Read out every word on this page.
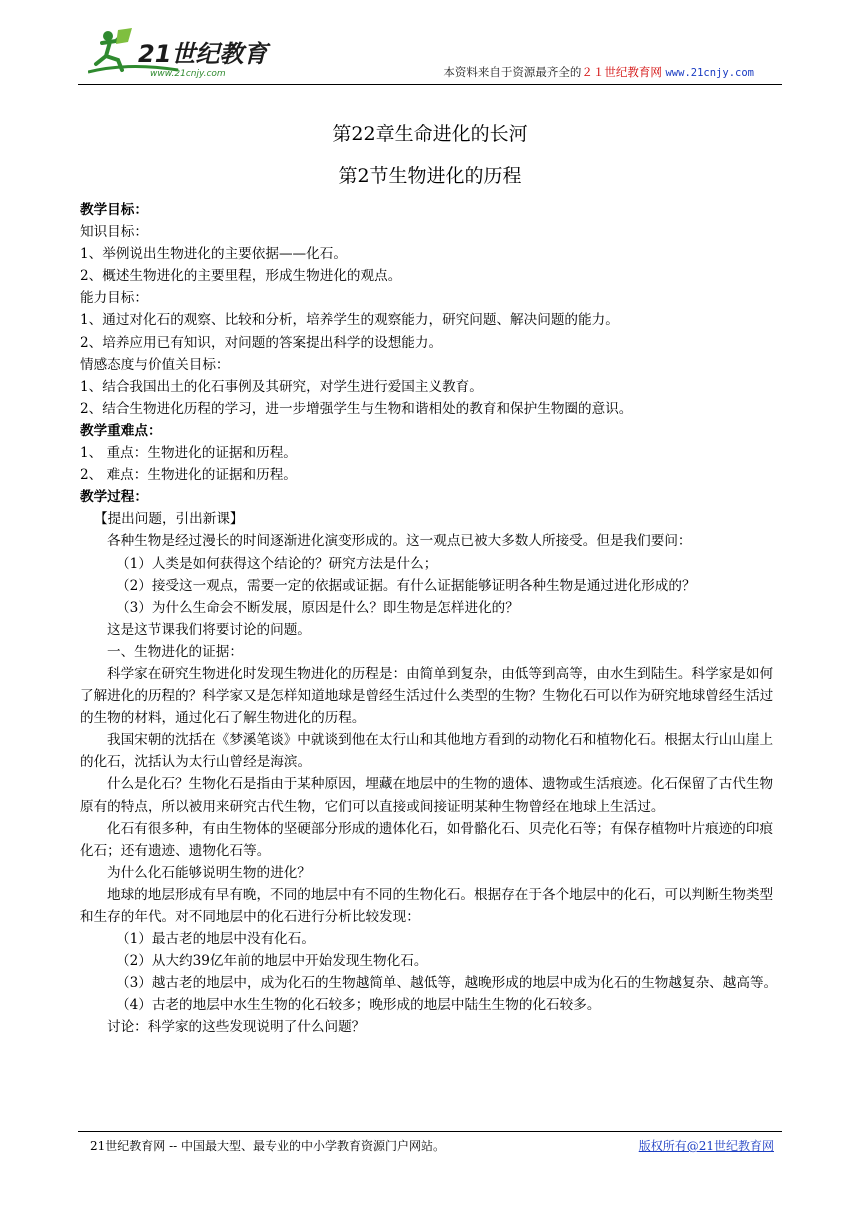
21世纪教育
www.21cnjy.com	本资料来自于资源最齐全的２１世纪教育网 www.21cnjy.com
第22章生命进化的长河
第2节生物进化的历程

教学目标：

知识目标：

1、举例说出生物进化的主要依据——化石。

2、概述生物进化的主要里程，形成生物进化的观点。

能力目标：

1、通过对化石的观察、比较和分析，培养学生的观察能力，研究问题、解决问题的能力。

2、培养应用已有知识，对问题的答案提出科学的设想能力。

情感态度与价值关目标：

1、结合我国出土的化石事例及其研究，对学生进行爱国主义教育。

2、结合生物进化历程的学习，进一步增强学生与生物和谐相处的教育和保护生物圈的意识。

教学重难点：

1、 重点：生物进化的证据和历程。

2、 难点：生物进化的证据和历程。

教学过程：

【提出问题，引出新课】

各种生物是经过漫长的时间逐渐进化演变形成的。这一观点已被大多数人所接受。但是我们要问：

（1）人类是如何获得这个结论的？研究方法是什么；

（2）接受这一观点，需要一定的依据或证据。有什么证据能够证明各种生物是通过进化形成的？

（3）为什么生命会不断发展，原因是什么？即生物是怎样进化的？

这是这节课我们将要讨论的问题。

一、生物进化的证据：

科学家在研究生物进化时发现生物进化的历程是：由简单到复杂，由低等到高等，由水生到陆生。科学家是如何了解进化的历程的？科学家又是怎样知道地球是曾经生活过什么类型的生物？生物化石可以作为研究地球曾经生活过的生物的材料，通过化石了解生物进化的历程。

我国宋朝的沈括在《梦溪笔谈》中就谈到他在太行山和其他地方看到的动物化石和植物化石。根据太行山山崖上的化石，沈括认为太行山曾经是海滨。

什么是化石？生物化石是指由于某种原因，埋藏在地层中的生物的遗体、遗物或生活痕迹。化石保留了古代生物原有的特点，所以被用来研究古代生物，它们可以直接或间接证明某种生物曾经在地球上生活过。

化石有很多种，有由生物体的坚硬部分形成的遗体化石，如骨骼化石、贝壳化石等；有保存植物叶片痕迹的印痕化石；还有遗迹、遗物化石等。

为什么化石能够说明生物的进化？

地球的地层形成有早有晚，不同的地层中有不同的生物化石。根据存在于各个地层中的化石，可以判断生物类型和生存的年代。对不同地层中的化石进行分析比较发现：

（1）最古老的地层中没有化石。

（2）从大约39亿年前的地层中开始发现生物化石。

（3）越古老的地层中，成为化石的生物越简单、越低等，越晚形成的地层中成为化石的生物越复杂、越高等。

（4）古老的地层中水生生物的化石较多；晚形成的地层中陆生生物的化石较多。

讨论：科学家的这些发现说明了什么问题？

21世纪教育网 -- 中国最大型、最专业的中小学教育资源门户网站。	版权所有@21世纪教育网
